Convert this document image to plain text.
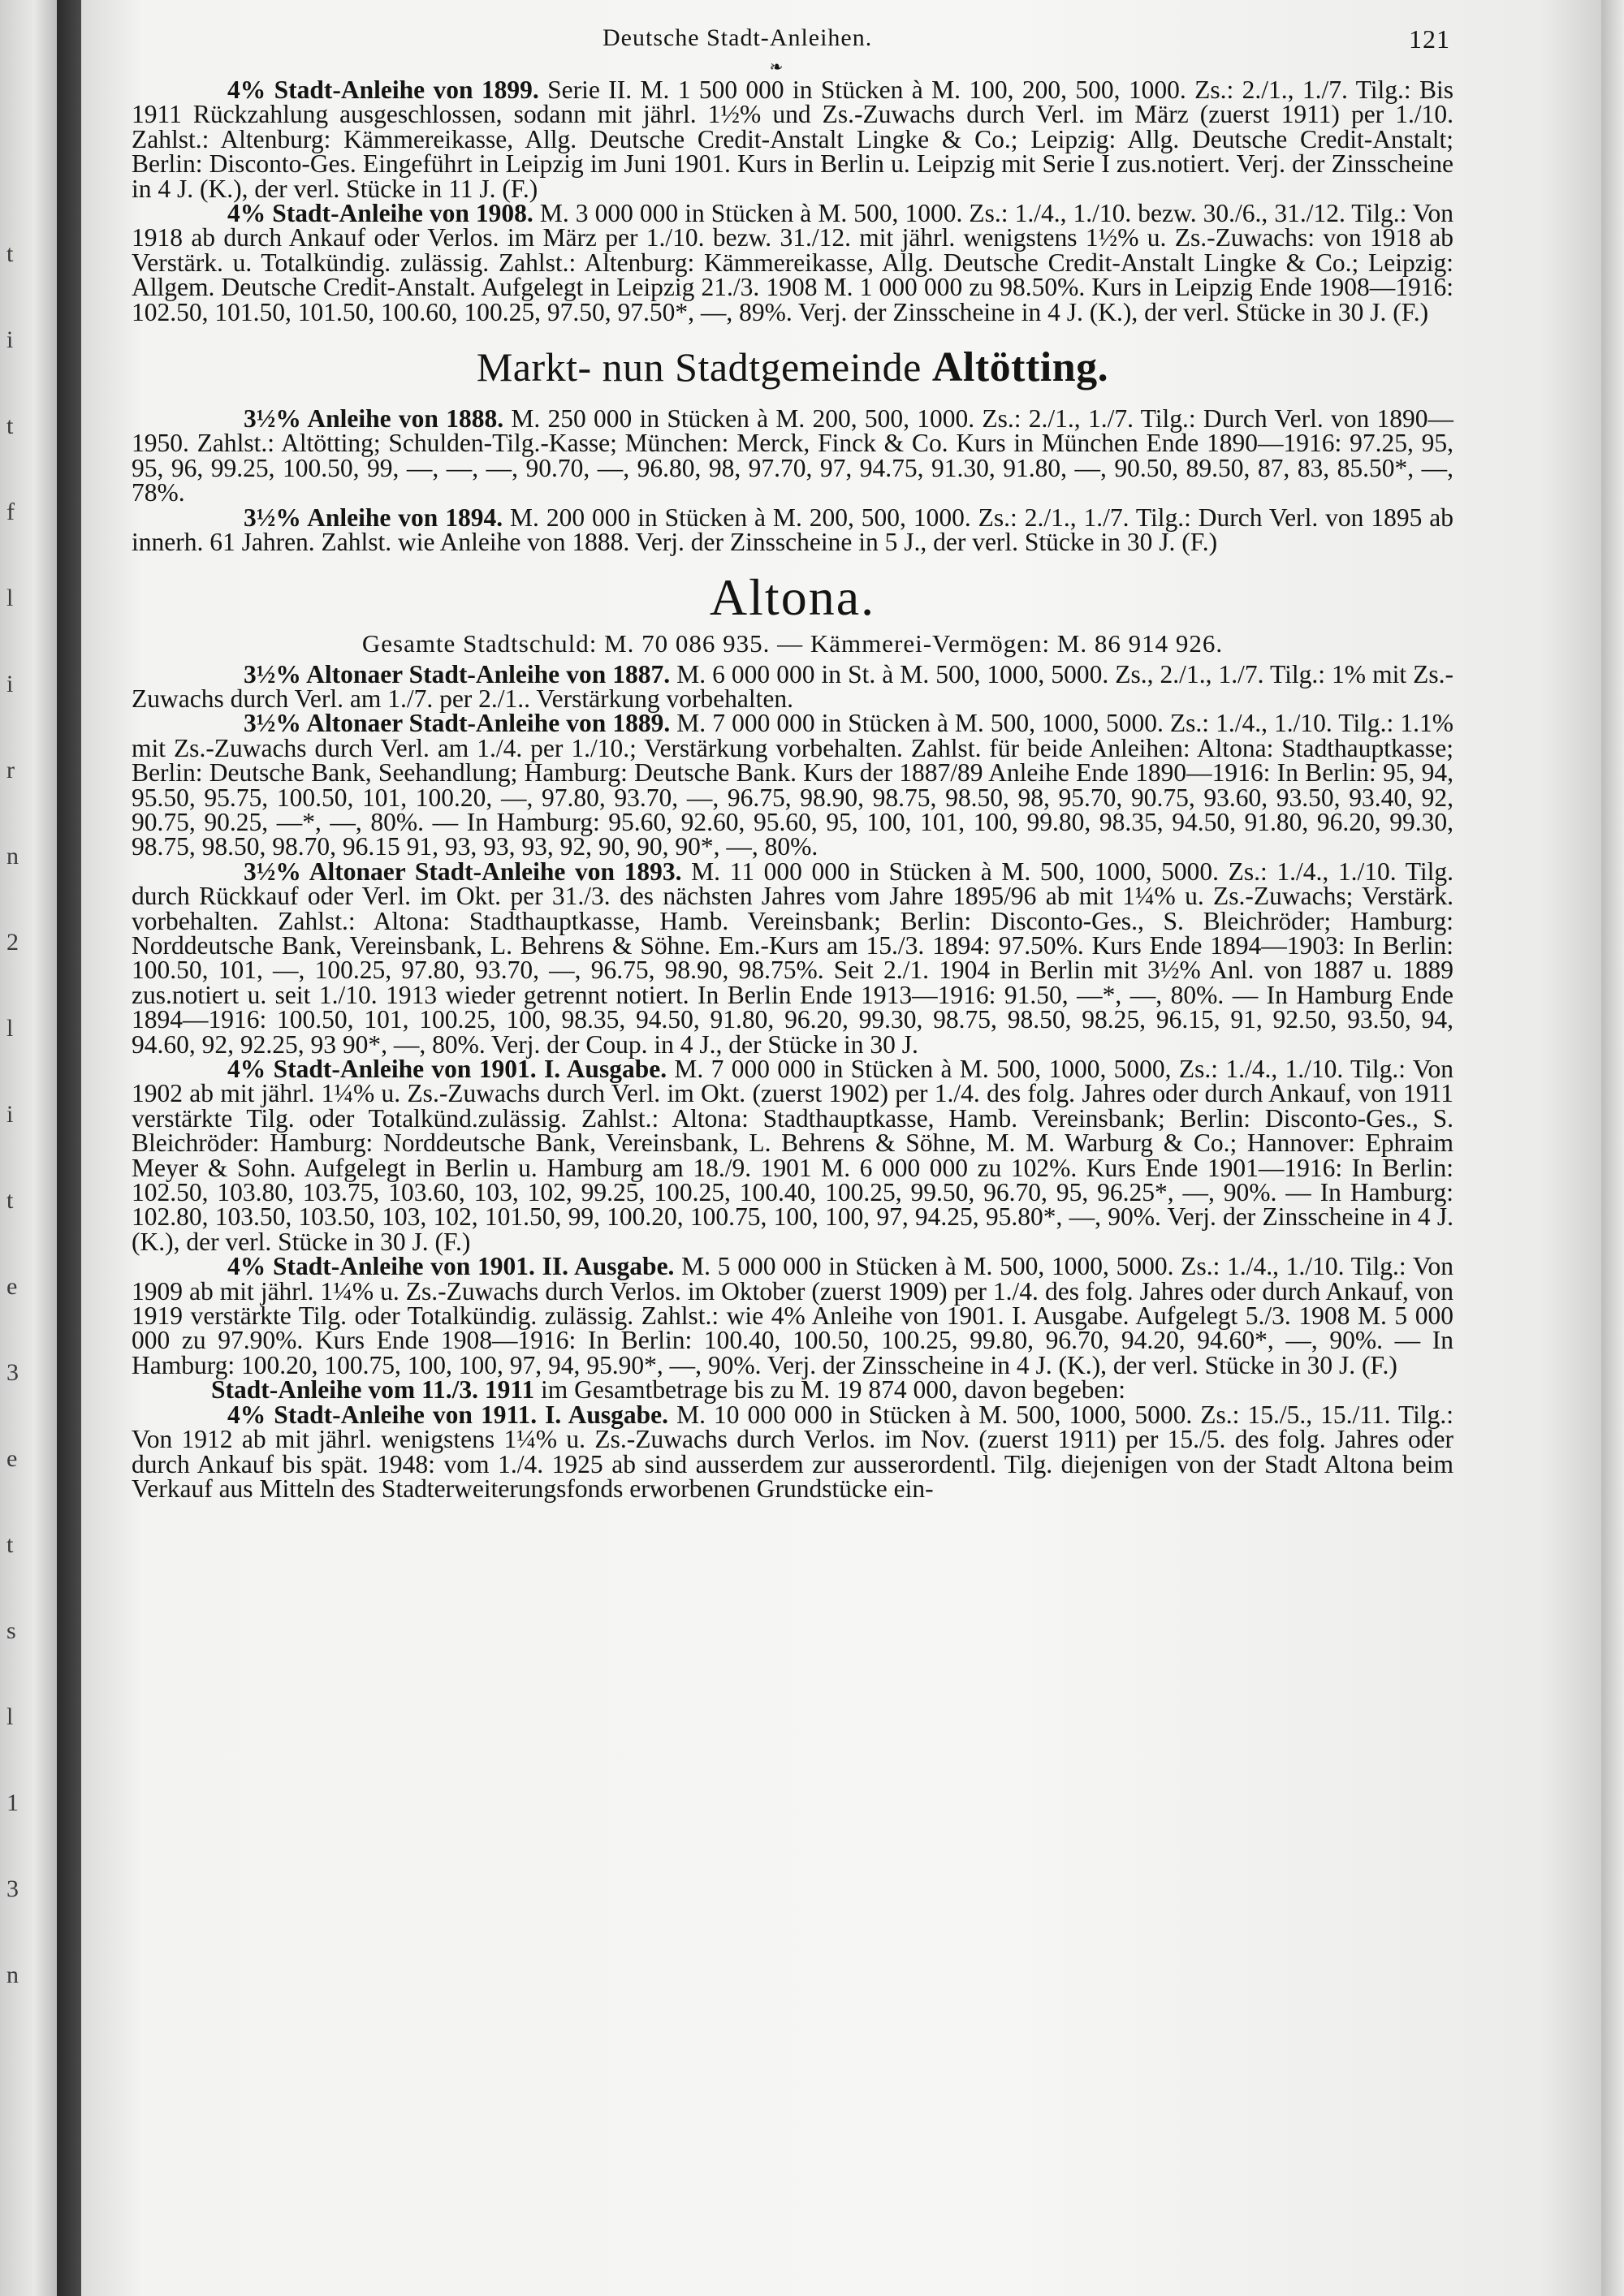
t
i
t
f
l
i
r
n
2
l
i
t
e
3
e
t
s
l
1
3
n
Deutsche Stadt-Anleihen.	121
❧

4% Stadt-Anleihe von 1899. Serie II. M. 1 500 000 in Stücken à M. 100, 200, 500, 1000. Zs.: 2./1., 1./7. Tilg.: Bis 1911 Rückzahlung ausgeschlossen, sodann mit jährl. 1½% und Zs.-Zuwachs durch Verl. im März (zuerst 1911) per 1./10. Zahlst.: Altenburg: Kämmereikasse, Allg. Deutsche Credit-Anstalt Lingke & Co.; Leipzig: Allg. Deutsche Credit-Anstalt; Berlin: Disconto-Ges. Eingeführt in Leipzig im Juni 1901. Kurs in Berlin u. Leipzig mit Serie I zus.notiert. Verj. der Zinsscheine in 4 J. (K.), der verl. Stücke in 11 J. (F.)

4% Stadt-Anleihe von 1908. M. 3 000 000 in Stücken à M. 500, 1000. Zs.: 1./4., 1./10. bezw. 30./6., 31./12. Tilg.: Von 1918 ab durch Ankauf oder Verlos. im März per 1./10. bezw. 31./12. mit jährl. wenigstens 1½% u. Zs.-Zuwachs: von 1918 ab Verstärk. u. Totalkündig. zulässig. Zahlst.: Altenburg: Kämmereikasse, Allg. Deutsche Credit-Anstalt Lingke & Co.; Leipzig: Allgem. Deutsche Credit-Anstalt. Aufgelegt in Leipzig 21./3. 1908 M. 1 000 000 zu 98.50%. Kurs in Leipzig Ende 1908—1916: 102.50, 101.50, 101.50, 100.60, 100.25, 97.50, 97.50*, —, 89%. Verj. der Zinsscheine in 4 J. (K.), der verl. Stücke in 30 J. (F.)

Markt- nun Stadtgemeinde Altötting.

3½% Anleihe von 1888. M. 250 000 in Stücken à M. 200, 500, 1000. Zs.: 2./1., 1./7. Tilg.: Durch Verl. von 1890—1950. Zahlst.: Altötting; Schulden-Tilg.-Kasse; München: Merck, Finck & Co. Kurs in München Ende 1890—1916: 97.25, 95, 95, 96, 99.25, 100.50, 99, —, —, —, 90.70, —, 96.80, 98, 97.70, 97, 94.75, 91.30, 91.80, —, 90.50, 89.50, 87, 83, 85.50*, —, 78%.

3½% Anleihe von 1894. M. 200 000 in Stücken à M. 200, 500, 1000. Zs.: 2./1., 1./7. Tilg.: Durch Verl. von 1895 ab innerh. 61 Jahren. Zahlst. wie Anleihe von 1888. Verj. der Zinsscheine in 5 J., der verl. Stücke in 30 J. (F.)

Altona.
Gesamte Stadtschuld: M. 70 086 935. — Kämmerei-Vermögen: M. 86 914 926.

3½% Altonaer Stadt-Anleihe von 1887. M. 6 000 000 in St. à M. 500, 1000, 5000. Zs., 2./1., 1./7. Tilg.: 1% mit Zs.-Zuwachs durch Verl. am 1./7. per 2./1.. Verstärkung vorbehalten.

3½% Altonaer Stadt-Anleihe von 1889. M. 7 000 000 in Stücken à M. 500, 1000, 5000. Zs.: 1./4., 1./10. Tilg.: 1.1% mit Zs.-Zuwachs durch Verl. am 1./4. per 1./10.; Verstärkung vorbehalten. Zahlst. für beide Anleihen: Altona: Stadthauptkasse; Berlin: Deutsche Bank, Seehandlung; Hamburg: Deutsche Bank. Kurs der 1887/89 Anleihe Ende 1890—1916: In Berlin: 95, 94, 95.50, 95.75, 100.50, 101, 100.20, —, 97.80, 93.70, —, 96.75, 98.90, 98.75, 98.50, 98, 95.70, 90.75, 93.60, 93.50, 93.40, 92, 90.75, 90.25, —*, —, 80%. — In Hamburg: 95.60, 92.60, 95.60, 95, 100, 101, 100, 99.80, 98.35, 94.50, 91.80, 96.20, 99.30, 98.75, 98.50, 98.70, 96.15 91, 93, 93, 93, 92, 90, 90, 90*, —, 80%.

3½% Altonaer Stadt-Anleihe von 1893. M. 11 000 000 in Stücken à M. 500, 1000, 5000. Zs.: 1./4., 1./10. Tilg. durch Rückkauf oder Verl. im Okt. per 31./3. des nächsten Jahres vom Jahre 1895/96 ab mit 1¼% u. Zs.-Zuwachs; Verstärk. vorbehalten. Zahlst.: Altona: Stadthauptkasse, Hamb. Vereinsbank; Berlin: Disconto-Ges., S. Bleichröder; Hamburg: Norddeutsche Bank, Vereinsbank, L. Behrens & Söhne. Em.-Kurs am 15./3. 1894: 97.50%. Kurs Ende 1894—1903: In Berlin: 100.50, 101, —, 100.25, 97.80, 93.70, —, 96.75, 98.90, 98.75%. Seit 2./1. 1904 in Berlin mit 3½% Anl. von 1887 u. 1889 zus.notiert u. seit 1./10. 1913 wieder getrennt notiert. In Berlin Ende 1913—1916: 91.50, —*, —, 80%. — In Hamburg Ende 1894—1916: 100.50, 101, 100.25, 100, 98.35, 94.50, 91.80, 96.20, 99.30, 98.75, 98.50, 98.25, 96.15, 91, 92.50, 93.50, 94, 94.60, 92, 92.25, 93 90*, —, 80%. Verj. der Coup. in 4 J., der Stücke in 30 J.

4% Stadt-Anleihe von 1901. I. Ausgabe. M. 7 000 000 in Stücken à M. 500, 1000, 5000, Zs.: 1./4., 1./10. Tilg.: Von 1902 ab mit jährl. 1¼% u. Zs.-Zuwachs durch Verl. im Okt. (zuerst 1902) per 1./4. des folg. Jahres oder durch Ankauf, von 1911 verstärkte Tilg. oder Totalkünd.zulässig. Zahlst.: Altona: Stadthauptkasse, Hamb. Vereinsbank; Berlin: Disconto-Ges., S. Bleichröder: Hamburg: Norddeutsche Bank, Vereinsbank, L. Behrens & Söhne, M. M. Warburg & Co.; Hannover: Ephraim Meyer & Sohn. Aufgelegt in Berlin u. Hamburg am 18./9. 1901 M. 6 000 000 zu 102%. Kurs Ende 1901—1916: In Berlin: 102.50, 103.80, 103.75, 103.60, 103, 102, 99.25, 100.25, 100.40, 100.25, 99.50, 96.70, 95, 96.25*, —, 90%. — In Hamburg: 102.80, 103.50, 103.50, 103, 102, 101.50, 99, 100.20, 100.75, 100, 100, 97, 94.25, 95.80*, —, 90%. Verj. der Zinsscheine in 4 J. (K.), der verl. Stücke in 30 J. (F.)

4% Stadt-Anleihe von 1901. II. Ausgabe. M. 5 000 000 in Stücken à M. 500, 1000, 5000. Zs.: 1./4., 1./10. Tilg.: Von 1909 ab mit jährl. 1¼% u. Zs.-Zuwachs durch Verlos. im Oktober (zuerst 1909) per 1./4. des folg. Jahres oder durch Ankauf, von 1919 verstärkte Tilg. oder Totalkündig. zulässig. Zahlst.: wie 4% Anleihe von 1901. I. Ausgabe. Aufgelegt 5./3. 1908 M. 5 000 000 zu 97.90%. Kurs Ende 1908—1916: In Berlin: 100.40, 100.50, 100.25, 99.80, 96.70, 94.20, 94.60*, —, 90%. — In Hamburg: 100.20, 100.75, 100, 100, 97, 94, 95.90*, —, 90%. Verj. der Zinsscheine in 4 J. (K.), der verl. Stücke in 30 J. (F.)

Stadt-Anleihe vom 11./3. 1911 im Gesamtbetrage bis zu M. 19 874 000, davon begeben:

4% Stadt-Anleihe von 1911. I. Ausgabe. M. 10 000 000 in Stücken à M. 500, 1000, 5000. Zs.: 15./5., 15./11. Tilg.: Von 1912 ab mit jährl. wenigstens 1¼% u. Zs.-Zuwachs durch Verlos. im Nov. (zuerst 1911) per 15./5. des folg. Jahres oder durch Ankauf bis spät. 1948: vom 1./4. 1925 ab sind ausserdem zur ausserordentl. Tilg. diejenigen von der Stadt Altona beim Verkauf aus Mitteln des Stadterweiterungsfonds erworbenen Grundstücke ein-
